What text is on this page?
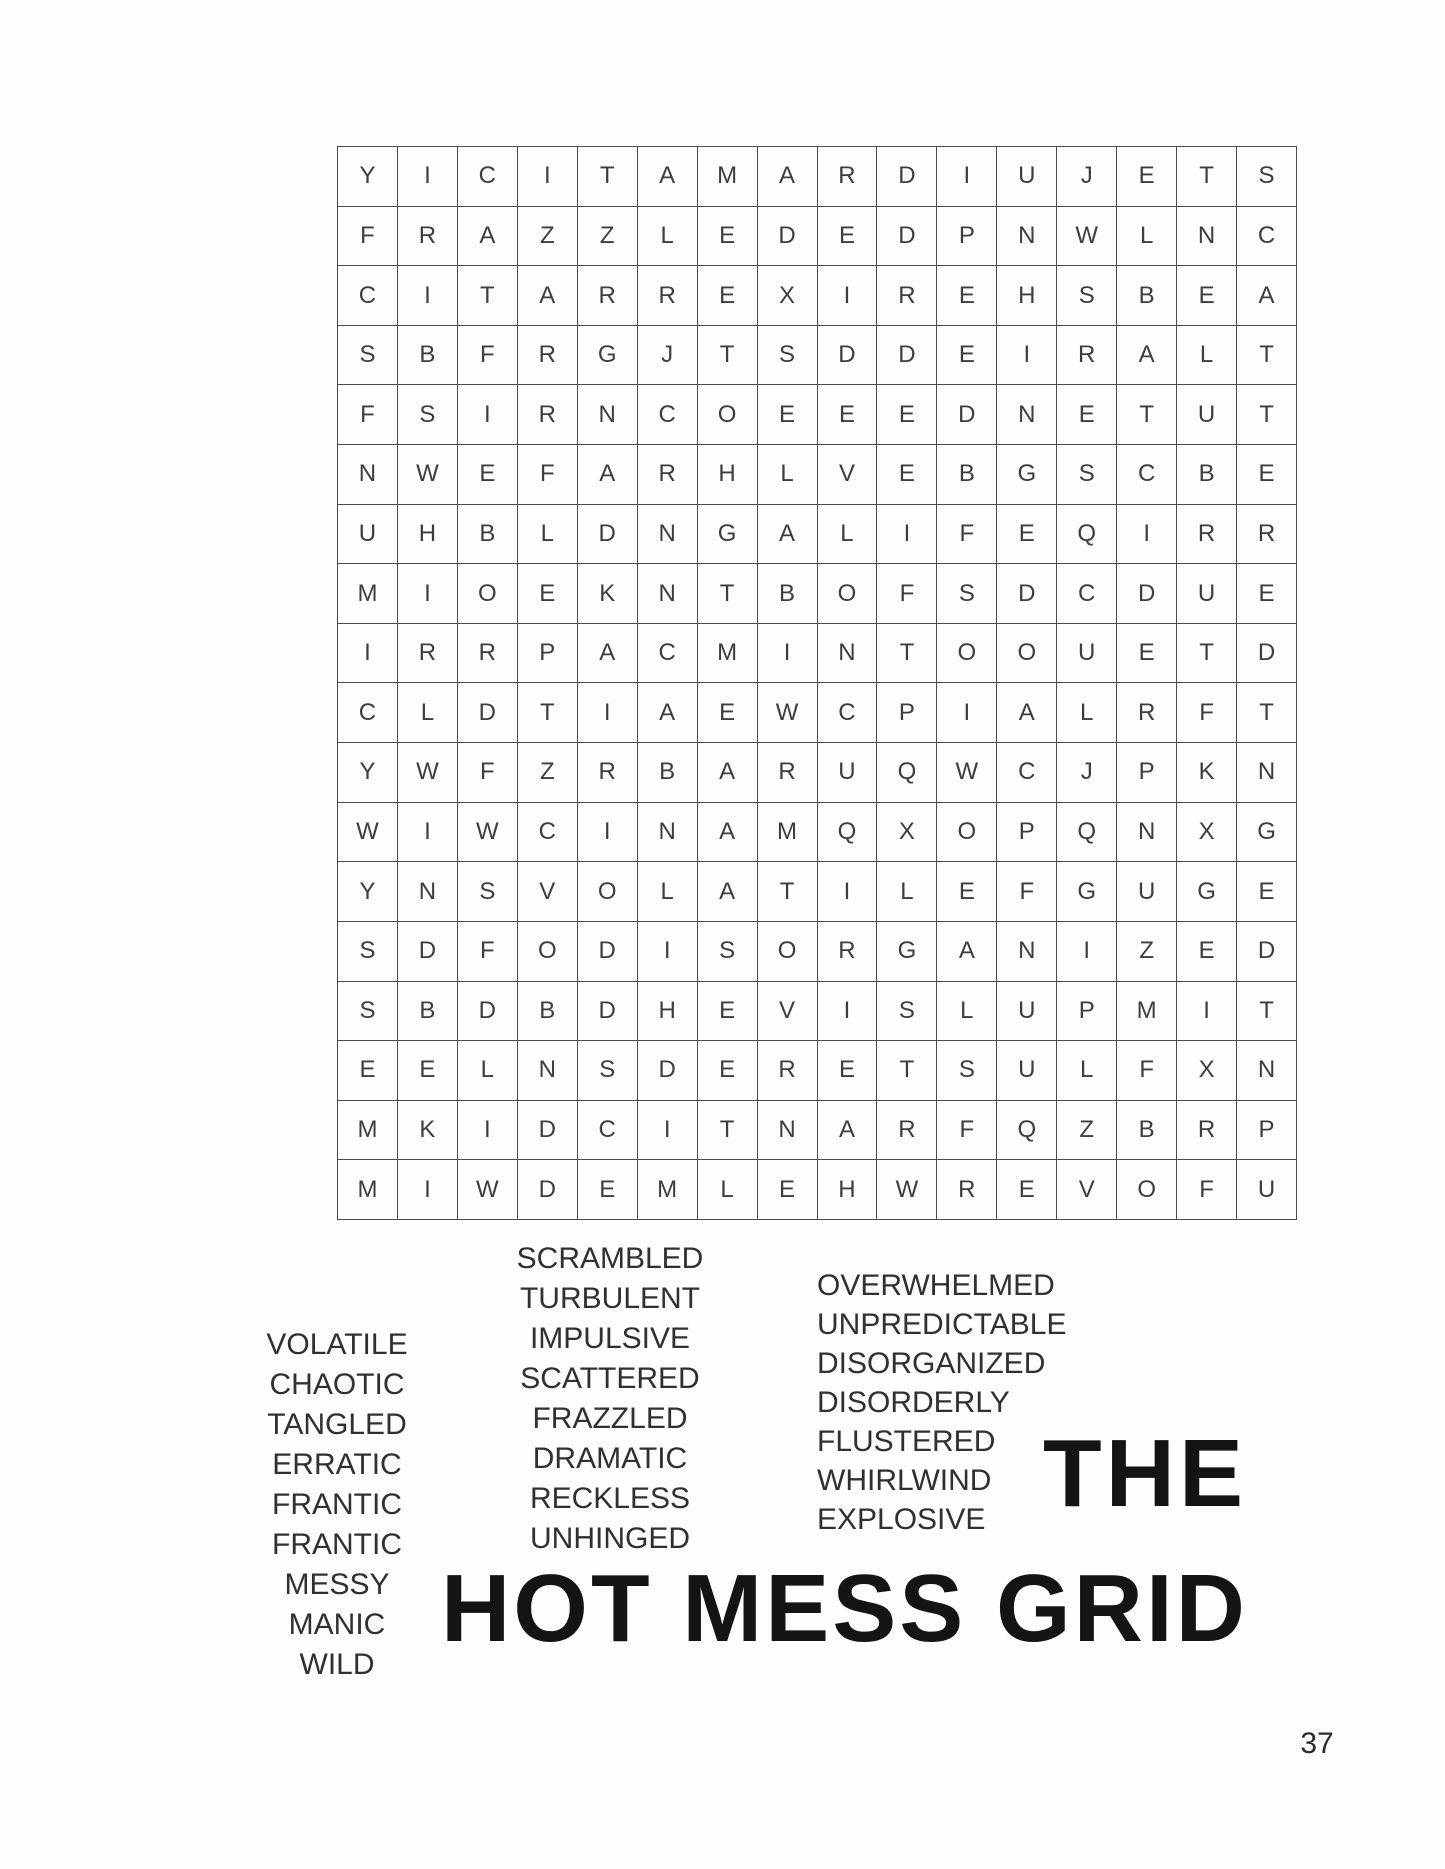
Y	I	C	I	T	A	M	A	R	D	I	U	J	E	T	S
F	R	A	Z	Z	L	E	D	E	D	P	N	W	L	N	C
C	I	T	A	R	R	E	X	I	R	E	H	S	B	E	A
S	B	F	R	G	J	T	S	D	D	E	I	R	A	L	T
F	S	I	R	N	C	O	E	E	E	D	N	E	T	U	T
N	W	E	F	A	R	H	L	V	E	B	G	S	C	B	E
U	H	B	L	D	N	G	A	L	I	F	E	Q	I	R	R
M	I	O	E	K	N	T	B	O	F	S	D	C	D	U	E
I	R	R	P	A	C	M	I	N	T	O	O	U	E	T	D
C	L	D	T	I	A	E	W	C	P	I	A	L	R	F	T
Y	W	F	Z	R	B	A	R	U	Q	W	C	J	P	K	N
W	I	W	C	I	N	A	M	Q	X	O	P	Q	N	X	G
Y	N	S	V	O	L	A	T	I	L	E	F	G	U	G	E
S	D	F	O	D	I	S	O	R	G	A	N	I	Z	E	D
S	B	D	B	D	H	E	V	I	S	L	U	P	M	I	T
E	E	L	N	S	D	E	R	E	T	S	U	L	F	X	N
M	K	I	D	C	I	T	N	A	R	F	Q	Z	B	R	P
M	I	W	D	E	M	L	E	H	W	R	E	V	O	F	U
VOLATILE
CHAOTIC
TANGLED
ERRATIC
FRANTIC
FRANTIC
MESSY
MANIC
WILD
SCRAMBLED
TURBULENT
IMPULSIVE
SCATTERED
FRAZZLED
DRAMATIC
RECKLESS
UNHINGED
OVERWHELMED
UNPREDICTABLE
DISORGANIZED
DISORDERLY
FLUSTERED
WHIRLWIND
EXPLOSIVE THE
HOT MESS GRID
37
